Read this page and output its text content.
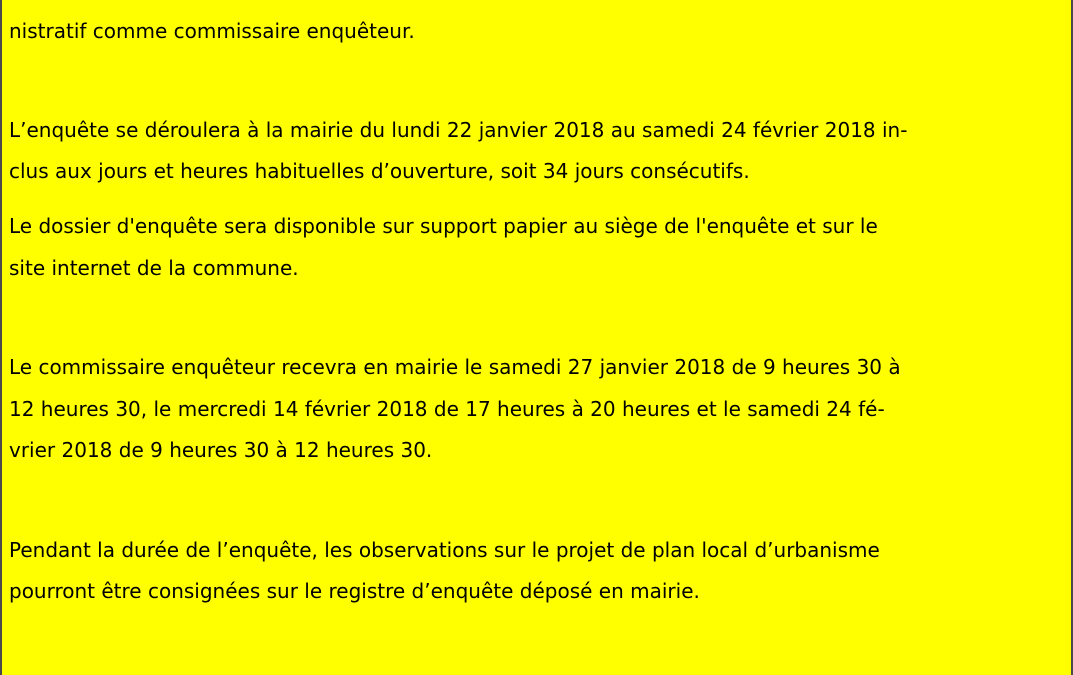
nistratif comme commissaire enquêteur.
L’enquête se déroulera à la mairie du lundi 22 janvier 2018 au samedi 24 février 2018 in-
clus aux jours et heures habituelles d’ouverture, soit 34 jours consécutifs.
Le dossier d'enquête sera disponible sur support papier au siège de l'enquête et sur le
site internet de la commune.
Le commissaire enquêteur recevra en mairie le samedi 27 janvier 2018 de 9 heures 30 à
12 heures 30, le mercredi 14 février 2018 de 17 heures à 20 heures et le samedi 24 fé-
vrier 2018 de 9 heures 30 à 12 heures 30.
Pendant la durée de l’enquête, les observations sur le projet de plan local d’urbanisme
pourront être consignées sur le registre d’enquête déposé en mairie.
